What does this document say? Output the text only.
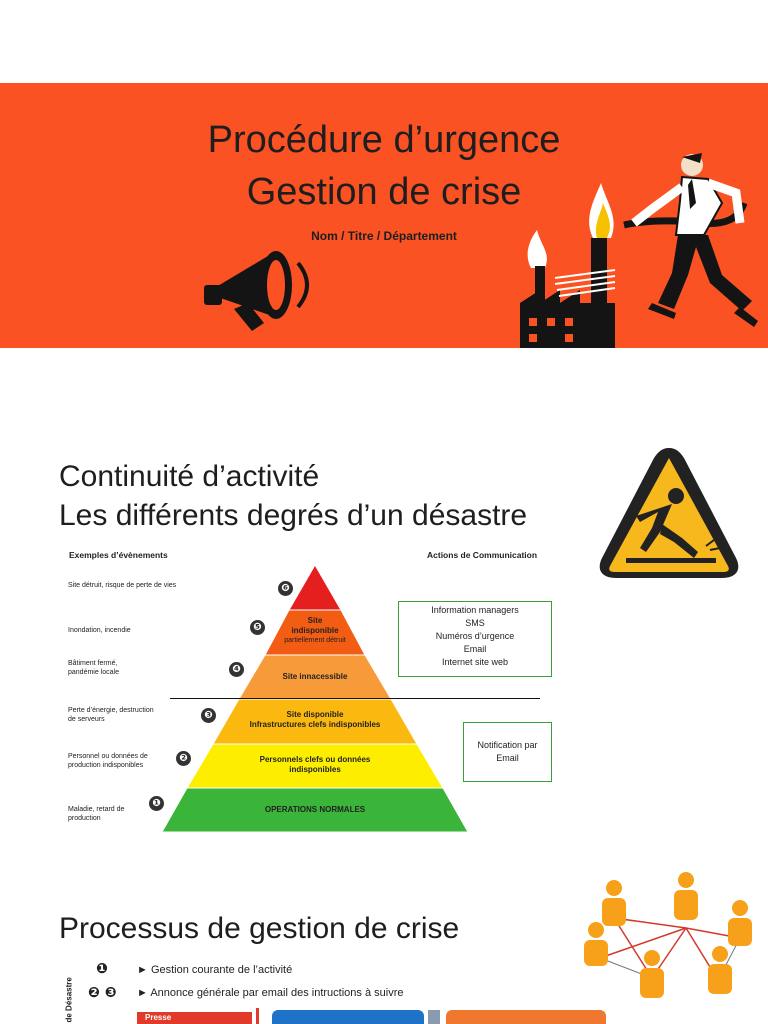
Procédure d’urgence
Gestion de crise
Nom / Titre / Département
Continuité d’activité
Les différents degrés d’un désastre
Exemples d’évènements	Actions de Communication
Site détruit, risque de perte de vies
Inondation, incendie
Bâtiment fermé, pandémie locale
Perte d’énergie, destruction de serveurs
Personnel ou données de production indisponibles
Maladie, retard de production
❻
❺
❹
❸
❷
❶
Site indisponible
partiellement détruit
Site innacessible
Site disponible
Infrastructures clefs indisponibles
Personnels clefs ou données indisponibles
OPERATIONS NORMALES
Information managers
SMS
Numéros d’urgence
Email
Internet site web
Notification par
Email
Processus de gestion de crise
❶	► Gestion courante de l’activité
❷ ❸ ► Annonce générale par email des intructions à suivre
de Désastre	Presse
